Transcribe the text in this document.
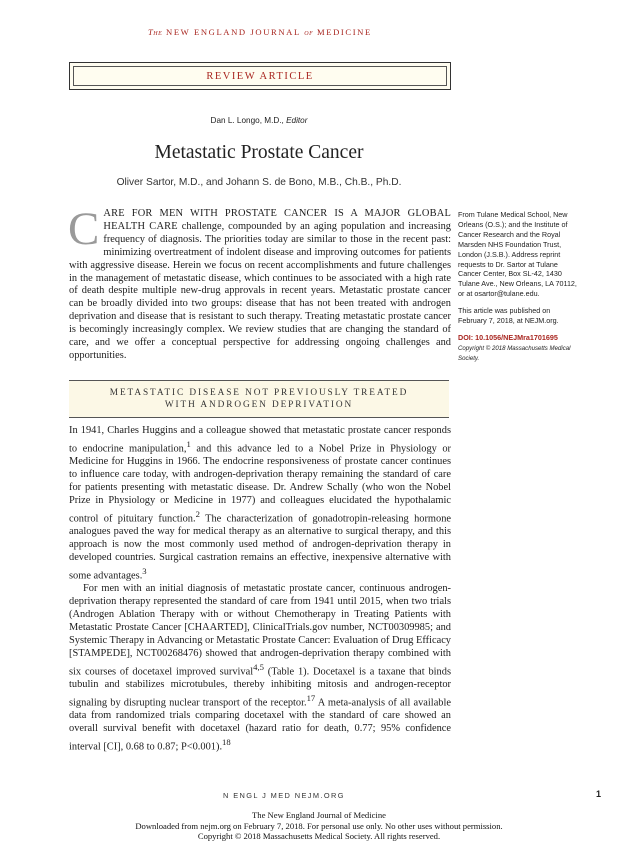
The NEW ENGLAND JOURNAL of MEDICINE
REVIEW ARTICLE
Dan L. Longo, M.D., Editor
Metastatic Prostate Cancer
Oliver Sartor, M.D., and Johann S. de Bono, M.B., Ch.B., Ph.D.
C ARE FOR MEN WITH PROSTATE CANCER IS A MAJOR GLOBAL HEALTH CARE challenge, compounded by an aging population and increasing frequency of diagnosis. The priorities today are similar to those in the recent past: minimizing overtreatment of indolent disease and improving outcomes for patients with aggressive disease. Herein we focus on recent accomplishments and future challenges in the management of metastatic disease, which continues to be associated with a high rate of death despite multiple new-drug approvals in recent years. Metastatic prostate cancer can be broadly divided into two groups: disease that has not been treated with androgen deprivation and disease that is resistant to such therapy. Treating metastatic prostate cancer is becomingly increasingly complex. We review studies that are changing the standard of care, and we offer a conceptual perspective for addressing ongoing challenges and opportunities.

From Tulane Medical School, New Orleans (O.S.); and the Institute of Cancer Research and the Royal Marsden NHS Foundation Trust, London (J.S.B.). Address reprint requests to Dr. Sartor at Tulane Cancer Center, Box SL-42, 1430 Tulane Ave., New Orleans, LA 70112, or at osartor@tulane.edu.

This article was published on February 7, 2018, at NEJM.org.

DOI: 10.1056/NEJMra1701695

Copyright © 2018 Massachusetts Medical Society.

METASTATIC DISEASE NOT PREVIOUSLY TREATED WITH ANDROGEN DEPRIVATION

In 1941, Charles Huggins and a colleague showed that metastatic prostate cancer responds to endocrine manipulation,$^1$ and this advance led to a Nobel Prize in Physiology or Medicine for Huggins in 1966. The endocrine responsiveness of prostate cancer continues to influence care today, with androgen-deprivation therapy remaining the standard of care for patients presenting with metastatic disease. Dr. Andrew Schally (who won the Nobel Prize in Physiology or Medicine in 1977) and colleagues elucidated the hypothalamic control of pituitary function.$^2$ The characterization of gonadotropin-releasing hormone analogues paved the way for medical therapy as an alternative to surgical therapy, and this approach is now the most commonly used method of androgen-deprivation therapy in developed countries. Surgical castration remains an effective, inexpensive alternative with some advantages.$^3$

For men with an initial diagnosis of metastatic prostate cancer, continuous androgen-deprivation therapy represented the standard of care from 1941 until 2015, when two trials (Androgen Ablation Therapy with or without Chemotherapy in Treating Patients with Metastatic Prostate Cancer [CHAARTED], ClinicalTrials.gov number, NCT00309985; and Systemic Therapy in Advancing or Metastatic Prostate Cancer: Evaluation of Drug Efficacy [STAMPEDE], NCT00268476) showed that androgen-deprivation therapy combined with six courses of docetaxel improved survival$^{4,5}$ (Table 1). Docetaxel is a taxane that binds tubulin and stabilizes microtubules, thereby inhibiting mitosis and androgen-receptor signaling by disrupting nuclear transport of the receptor.$^{17}$ A meta-analysis of all available data from randomized trials comparing docetaxel with the standard of care showed an overall survival benefit with docetaxel (hazard ratio for death, 0.77; 95% confidence interval [CI], 0.68 to 0.87; P<0.001).$^{18}$

N ENGL J MED NEJM.ORG	1
The New England Journal of Medicine
Downloaded from nejm.org on February 7, 2018. For personal use only. No other uses without permission.
Copyright © 2018 Massachusetts Medical Society. All rights reserved.
